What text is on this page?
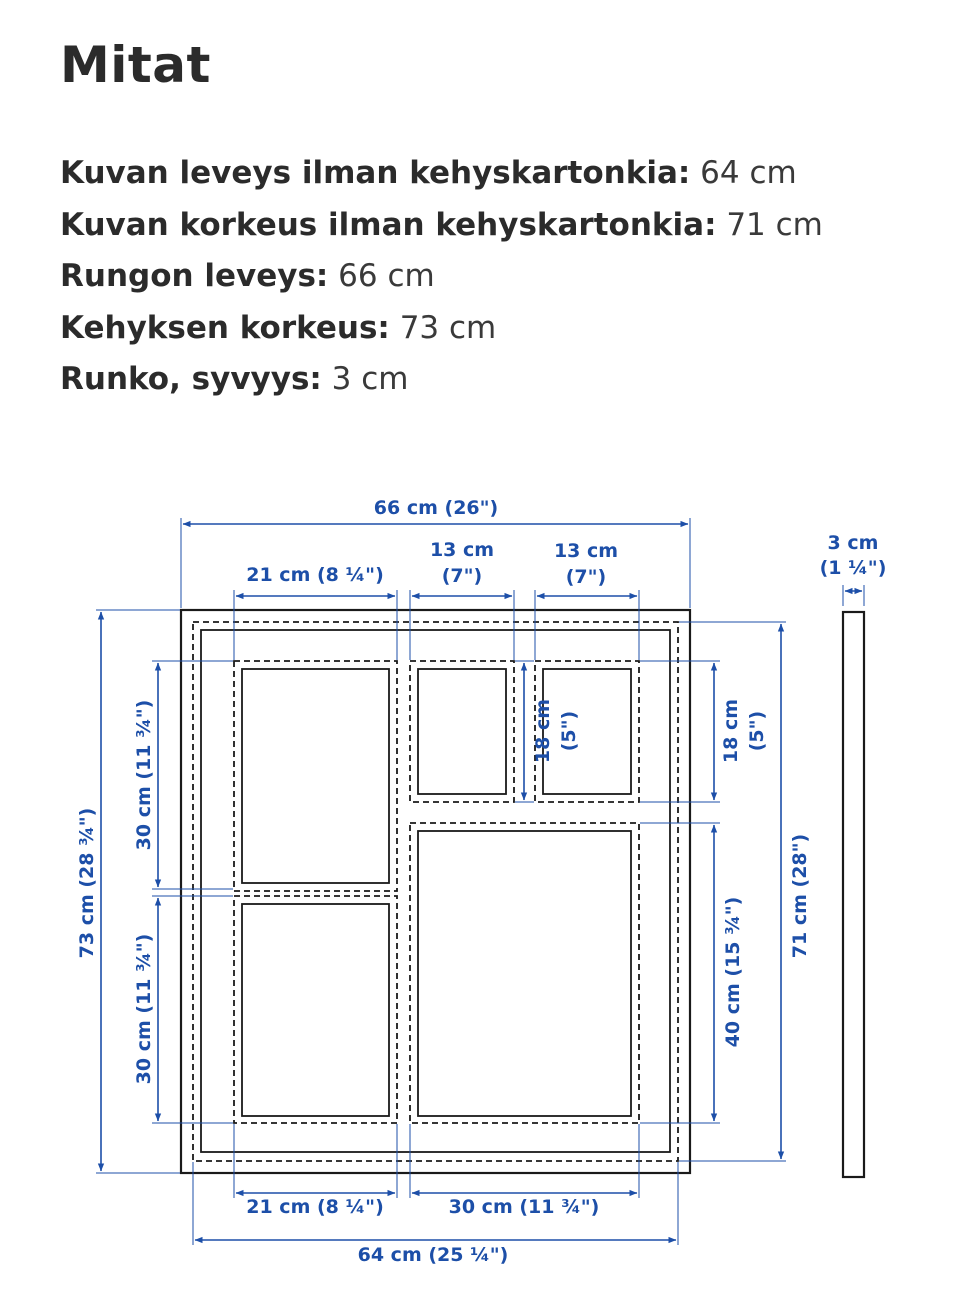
Mitat
Kuvan leveys ilman kehyskartonkia: 64 cm
Kuvan korkeus ilman kehyskartonkia: 71 cm
Rungon leveys: 66 cm
Kehyksen korkeus: 73 cm
Runko, syvyys: 3 cm
66 cm (26")
21 cm (8 ¼")
13 cm
(7")
13 cm
(7")
3 cm
(1 ¼")
73 cm (28 ¾")
30 cm (11 ¾")
30 cm (11 ¾")
18 cm (5")	18 cm (5")
40 cm (15 ¾")
71 cm (28")
21 cm (8 ¼")	30 cm (11 ¾")
64 cm (25 ¼")
